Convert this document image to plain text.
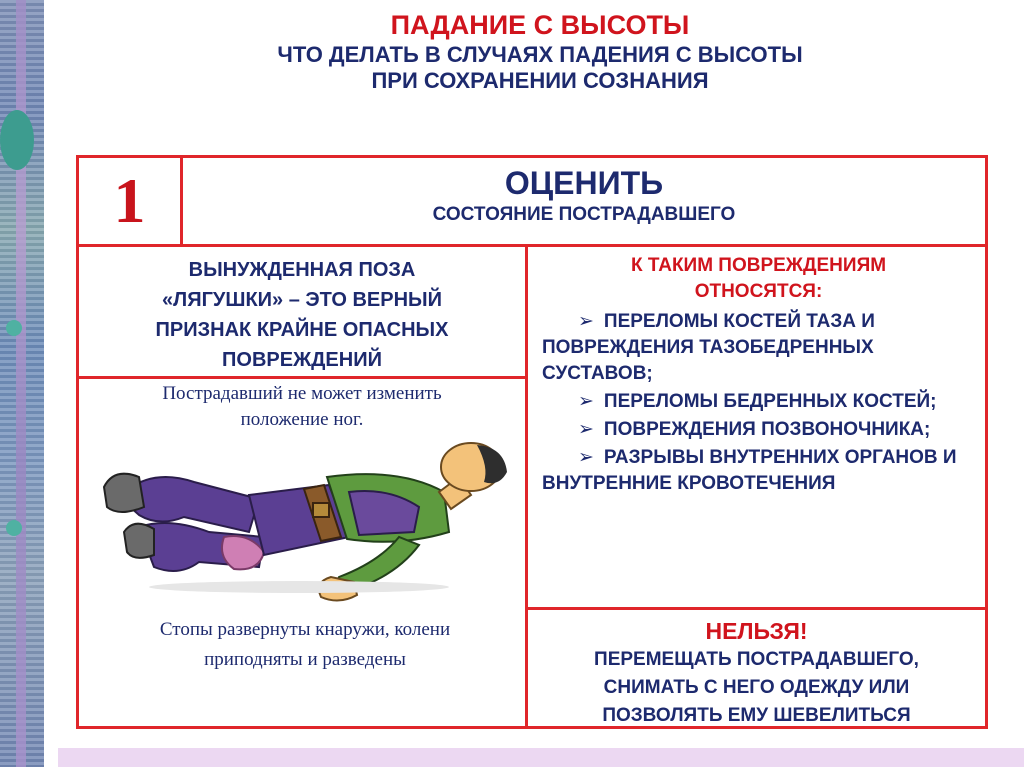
ПАДАНИЕ С ВЫСОТЫ
ЧТО ДЕЛАТЬ В СЛУЧАЯХ ПАДЕНИЯ С ВЫСОТЫ
ПРИ СОХРАНЕНИИ СОЗНАНИЯ
1	ОЦЕНИТЬ
СОСТОЯНИЕ ПОСТРАДАВШЕГО
ВЫНУЖДЕННАЯ ПОЗА
«ЛЯГУШКИ» – ЭТО ВЕРНЫЙ
ПРИЗНАК КРАЙНЕ ОПАСНЫХ
ПОВРЕЖДЕНИЙ
Пострадавший не может изменить
положение ног.
Стопы развернуты кнаружи, колени
приподняты и разведены
К ТАКИМ ПОВРЕЖДЕНИЯМ
ОТНОСЯТСЯ:
➢ ПЕРЕЛОМЫ КОСТЕЙ ТАЗА И ПОВРЕЖДЕНИЯ ТАЗОБЕДРЕННЫХ СУСТАВОВ;
➢ ПЕРЕЛОМЫ БЕДРЕННЫХ КОСТЕЙ;
➢ ПОВРЕЖДЕНИЯ ПОЗВОНОЧНИКА;
➢ РАЗРЫВЫ ВНУТРЕННИХ ОРГАНОВ И ВНУТРЕННИЕ КРОВОТЕЧЕНИЯ
НЕЛЬЗЯ!
ПЕРЕМЕЩАТЬ ПОСТРАДАВШЕГО,
СНИМАТЬ С НЕГО ОДЕЖДУ ИЛИ
ПОЗВОЛЯТЬ ЕМУ ШЕВЕЛИТЬСЯ
